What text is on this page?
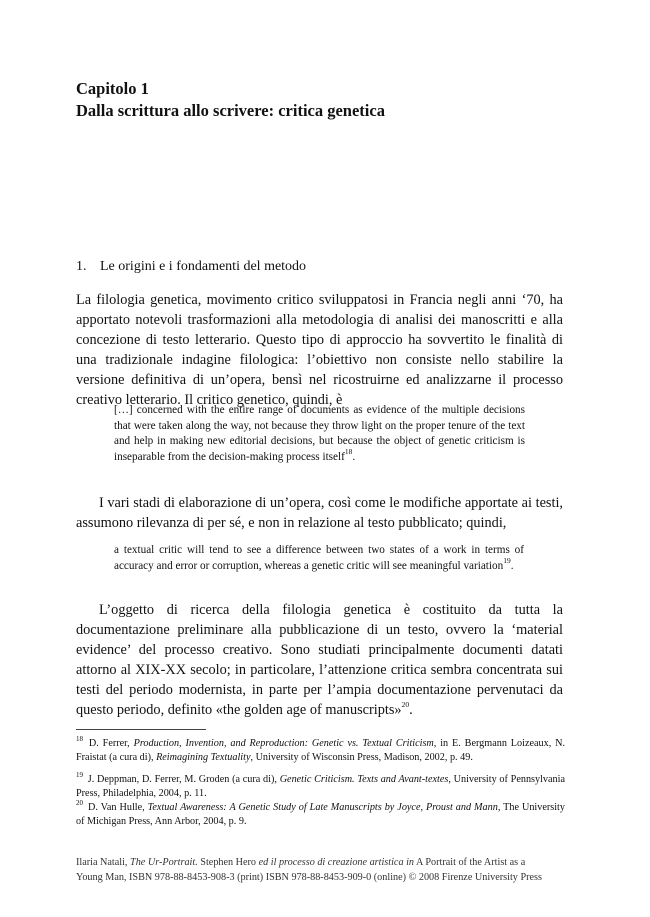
Capitolo 1
Dalla scrittura allo scrivere: critica genetica
1. Le origini e i fondamenti del metodo
La filologia genetica, movimento critico sviluppatosi in Francia negli anni ‘70, ha apportato notevoli trasformazioni alla metodologia di analisi dei manoscritti e alla concezione di testo letterario. Questo tipo di approccio ha sovvertito le finalità di una tradizionale indagine filologica: l’obiettivo non consiste nello stabilire la versione definitiva di un’opera, bensì nel ricostruirne ed analizzarne il processo creativo letterario. Il critico genetico, quindi, è
[…] concerned with the entire range of documents as evidence of the multiple decisions that were taken along the way, not because they throw light on the proper tenure of the text and help in making new editorial decisions, but because the object of genetic criticism is inseparable from the decision-making process itself$^{18}$.
I vari stadi di elaborazione di un’opera, così come le modifiche apportate ai testi, assumono rilevanza di per sé, e non in relazione al testo pubblicato; quindi,
a textual critic will tend to see a difference between two states of a work in terms of accuracy and error or corruption, whereas a genetic critic will see meaningful variation$^{19}$.
L’oggetto di ricerca della filologia genetica è costituito da tutta la documentazione preliminare alla pubblicazione di un testo, ovvero la ‘material evidence’ del processo creativo. Sono studiati principalmente documenti datati attorno al XIX-XX secolo; in particolare, l’attenzione critica sembra concentrata sui testi del periodo modernista, in parte per l’ampia documentazione pervenutaci da questo periodo, definito «the golden age of manuscripts»$^{20}$.
$^{18}$ D. Ferrer, Production, Invention, and Reproduction: Genetic vs. Textual Criticism, in E. Bergmann Loizeaux, N. Fraistat (a cura di), Reimagining Textuality, University of Wisconsin Press, Madison, 2002, p. 49.
$^{19}$ J. Deppman, D. Ferrer, M. Groden (a cura di), Genetic Criticism. Texts and Avant-textes, University of Pennsylvania Press, Philadelphia, 2004, p. 11.
$^{20}$ D. Van Hulle, Textual Awareness: A Genetic Study of Late Manuscripts by Joyce, Proust and Mann, The University of Michigan Press, Ann Arbor, 2004, p. 9.
Ilaria Natali, The Ur-Portrait. Stephen Hero ed il processo di creazione artistica in A Portrait of the Artist as a
Young Man, ISBN 978-88-8453-908-3 (print) ISBN 978-88-8453-909-0 (online) © 2008 Firenze University Press
